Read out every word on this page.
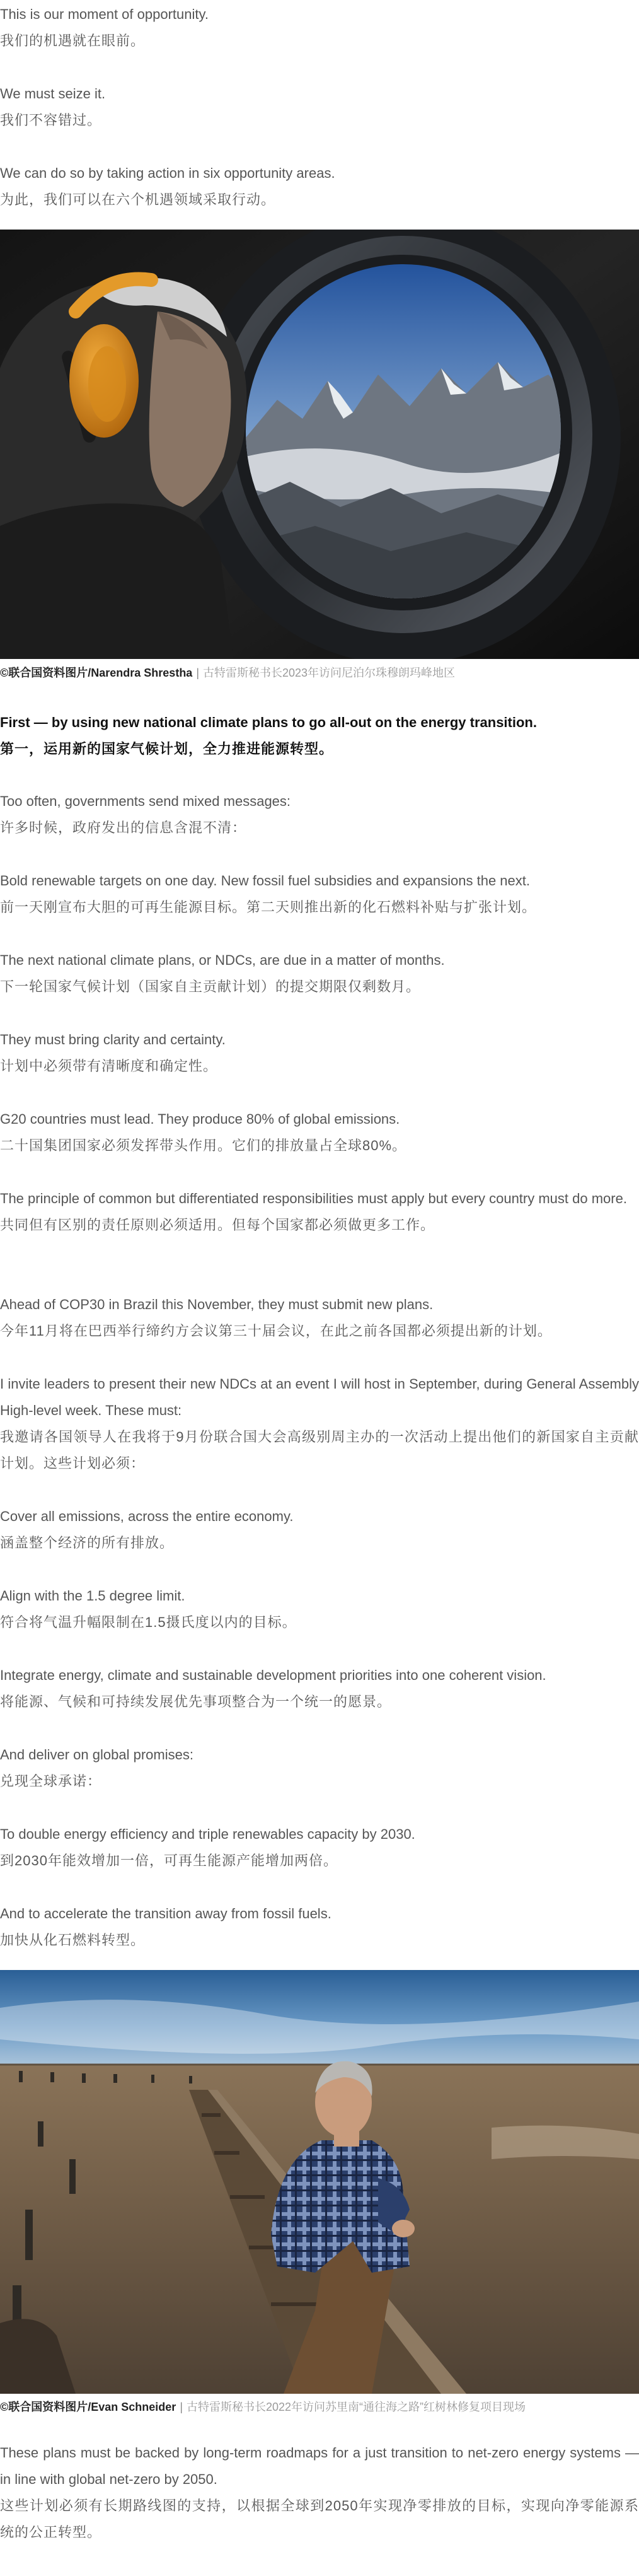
This is our moment of opportunity.
我们的机遇就在眼前。

We must seize it.
我们不容错过。

We can do so by taking action in six opportunity areas.
为此，我们可以在六个机遇领域采取行动。

©联合国资料图片/Narendra Shrestha | 古特雷斯秘书长2023年访问尼泊尔珠穆朗玛峰地区

First — by using new national climate plans to go all-out on the energy transition.
第一，运用新的国家气候计划，全力推进能源转型。

Too often, governments send mixed messages:
许多时候，政府发出的信息含混不清：

Bold renewable targets on one day. New fossil fuel subsidies and expansions the next.
前一天刚宣布大胆的可再生能源目标。第二天则推出新的化石燃料补贴与扩张计划。

The next national climate plans, or NDCs, are due in a matter of months.
下一轮国家气候计划（国家自主贡献计划）的提交期限仅剩数月。

They must bring clarity and certainty.
计划中必须带有清晰度和确定性。

G20 countries must lead. They produce 80% of global emissions.
二十国集团国家必须发挥带头作用。它们的排放量占全球80%。

The principle of common but differentiated responsibilities must apply but every country must do more.
共同但有区别的责任原则必须适用。但每个国家都必须做更多工作。

Ahead of COP30 in Brazil this November, they must submit new plans.
今年11月将在巴西举行缔约方会议第三十届会议，在此之前各国都必须提出新的计划。

I invite leaders to present their new NDCs at an event I will host in September, during General Assembly High-level week. These must:
我邀请各国领导人在我将于9月份联合国大会高级别周主办的一次活动上提出他们的新国家自主贡献计划。这些计划必须：

Cover all emissions, across the entire economy.
涵盖整个经济的所有排放。

Align with the 1.5 degree limit.
符合将气温升幅限制在1.5摄氏度以内的目标。

Integrate energy, climate and sustainable development priorities into one coherent vision.
将能源、气候和可持续发展优先事项整合为一个统一的愿景。

And deliver on global promises:
兑现全球承诺：

To double energy efficiency and triple renewables capacity by 2030.
到2030年能效增加一倍，可再生能源产能增加两倍。

And to accelerate the transition away from fossil fuels.
加快从化石燃料转型。

©联合国资料图片/Evan Schneider | 古特雷斯秘书长2022年访问苏里南“通往海之路”红树林修复项目现场

These plans must be backed by long-term roadmaps for a just transition to net-zero energy systems — in line with global net-zero by 2050.
这些计划必须有长期路线图的支持，以根据全球到2050年实现净零排放的目标，实现向净零能源系统的公正转型。
